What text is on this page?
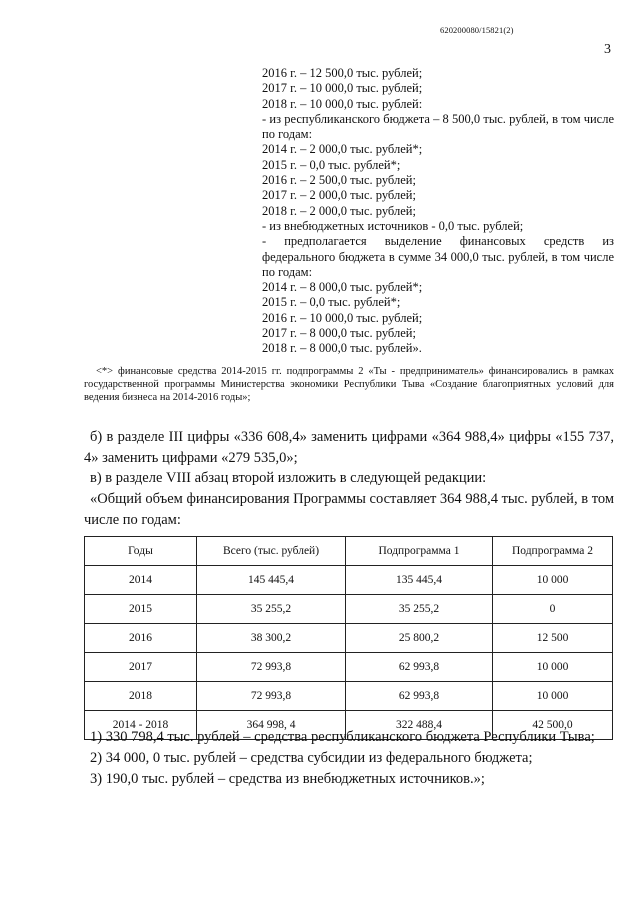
620200080/15821(2)
3
2016 г. – 12 500,0 тыс. рублей;
2017 г. – 10 000,0 тыс. рублей;
2018 г. – 10 000,0 тыс. рублей:
- из республиканского бюджета – 8 500,0 тыс. рублей, в том числе по годам:
2014 г. – 2 000,0 тыс. рублей*;
2015 г. – 0,0 тыс. рублей*;
2016 г. – 2 500,0 тыс. рублей;
2017 г. – 2 000,0 тыс. рублей;
2018 г. – 2 000,0 тыс. рублей;
- из внебюджетных источников - 0,0 тыс. рублей;
- предполагается выделение финансовых средств из федерального бюджета в сумме 34 000,0 тыс. рублей, в том числе по годам:
2014 г. – 8 000,0 тыс. рублей*;
2015 г. – 0,0 тыс. рублей*;
2016 г. – 10 000,0 тыс. рублей;
2017 г. – 8 000,0 тыс. рублей;
2018 г. – 8 000,0 тыс. рублей».
<*> финансовые средства 2014-2015 гг. подпрограммы 2 «Ты - предприниматель» финансировались в рамках государственной программы Министерства экономики Республики Тыва «Создание благоприятных условий для ведения бизнеса на 2014-2016 годы»;
б) в разделе III цифры «336 608,4» заменить цифрами «364 988,4» цифры «155 737, 4» заменить цифрами «279 535,0»;
в) в разделе VIII абзац второй изложить в следующей редакции:
«Общий объем финансирования Программы составляет 364 988,4 тыс. рублей, в том числе по годам:
Годы	Всего (тыс. рублей)	Подпрограмма 1	Подпрограмма 2
2014	145 445,4	135 445,4	10 000
2015	35 255,2	35 255,2	0
2016	38 300,2	25 800,2	12 500
2017	72 993,8	62 993,8	10 000
2018	72 993,8	62 993,8	10 000
2014 - 2018	364 998, 4	322 488,4	42 500,0
1) 330 798,4 тыс. рублей – средства республиканского бюджета Республики Тыва;
2) 34 000, 0 тыс. рублей – средства субсидии из федерального бюджета;
3) 190,0 тыс. рублей – средства из внебюджетных источников.»;
